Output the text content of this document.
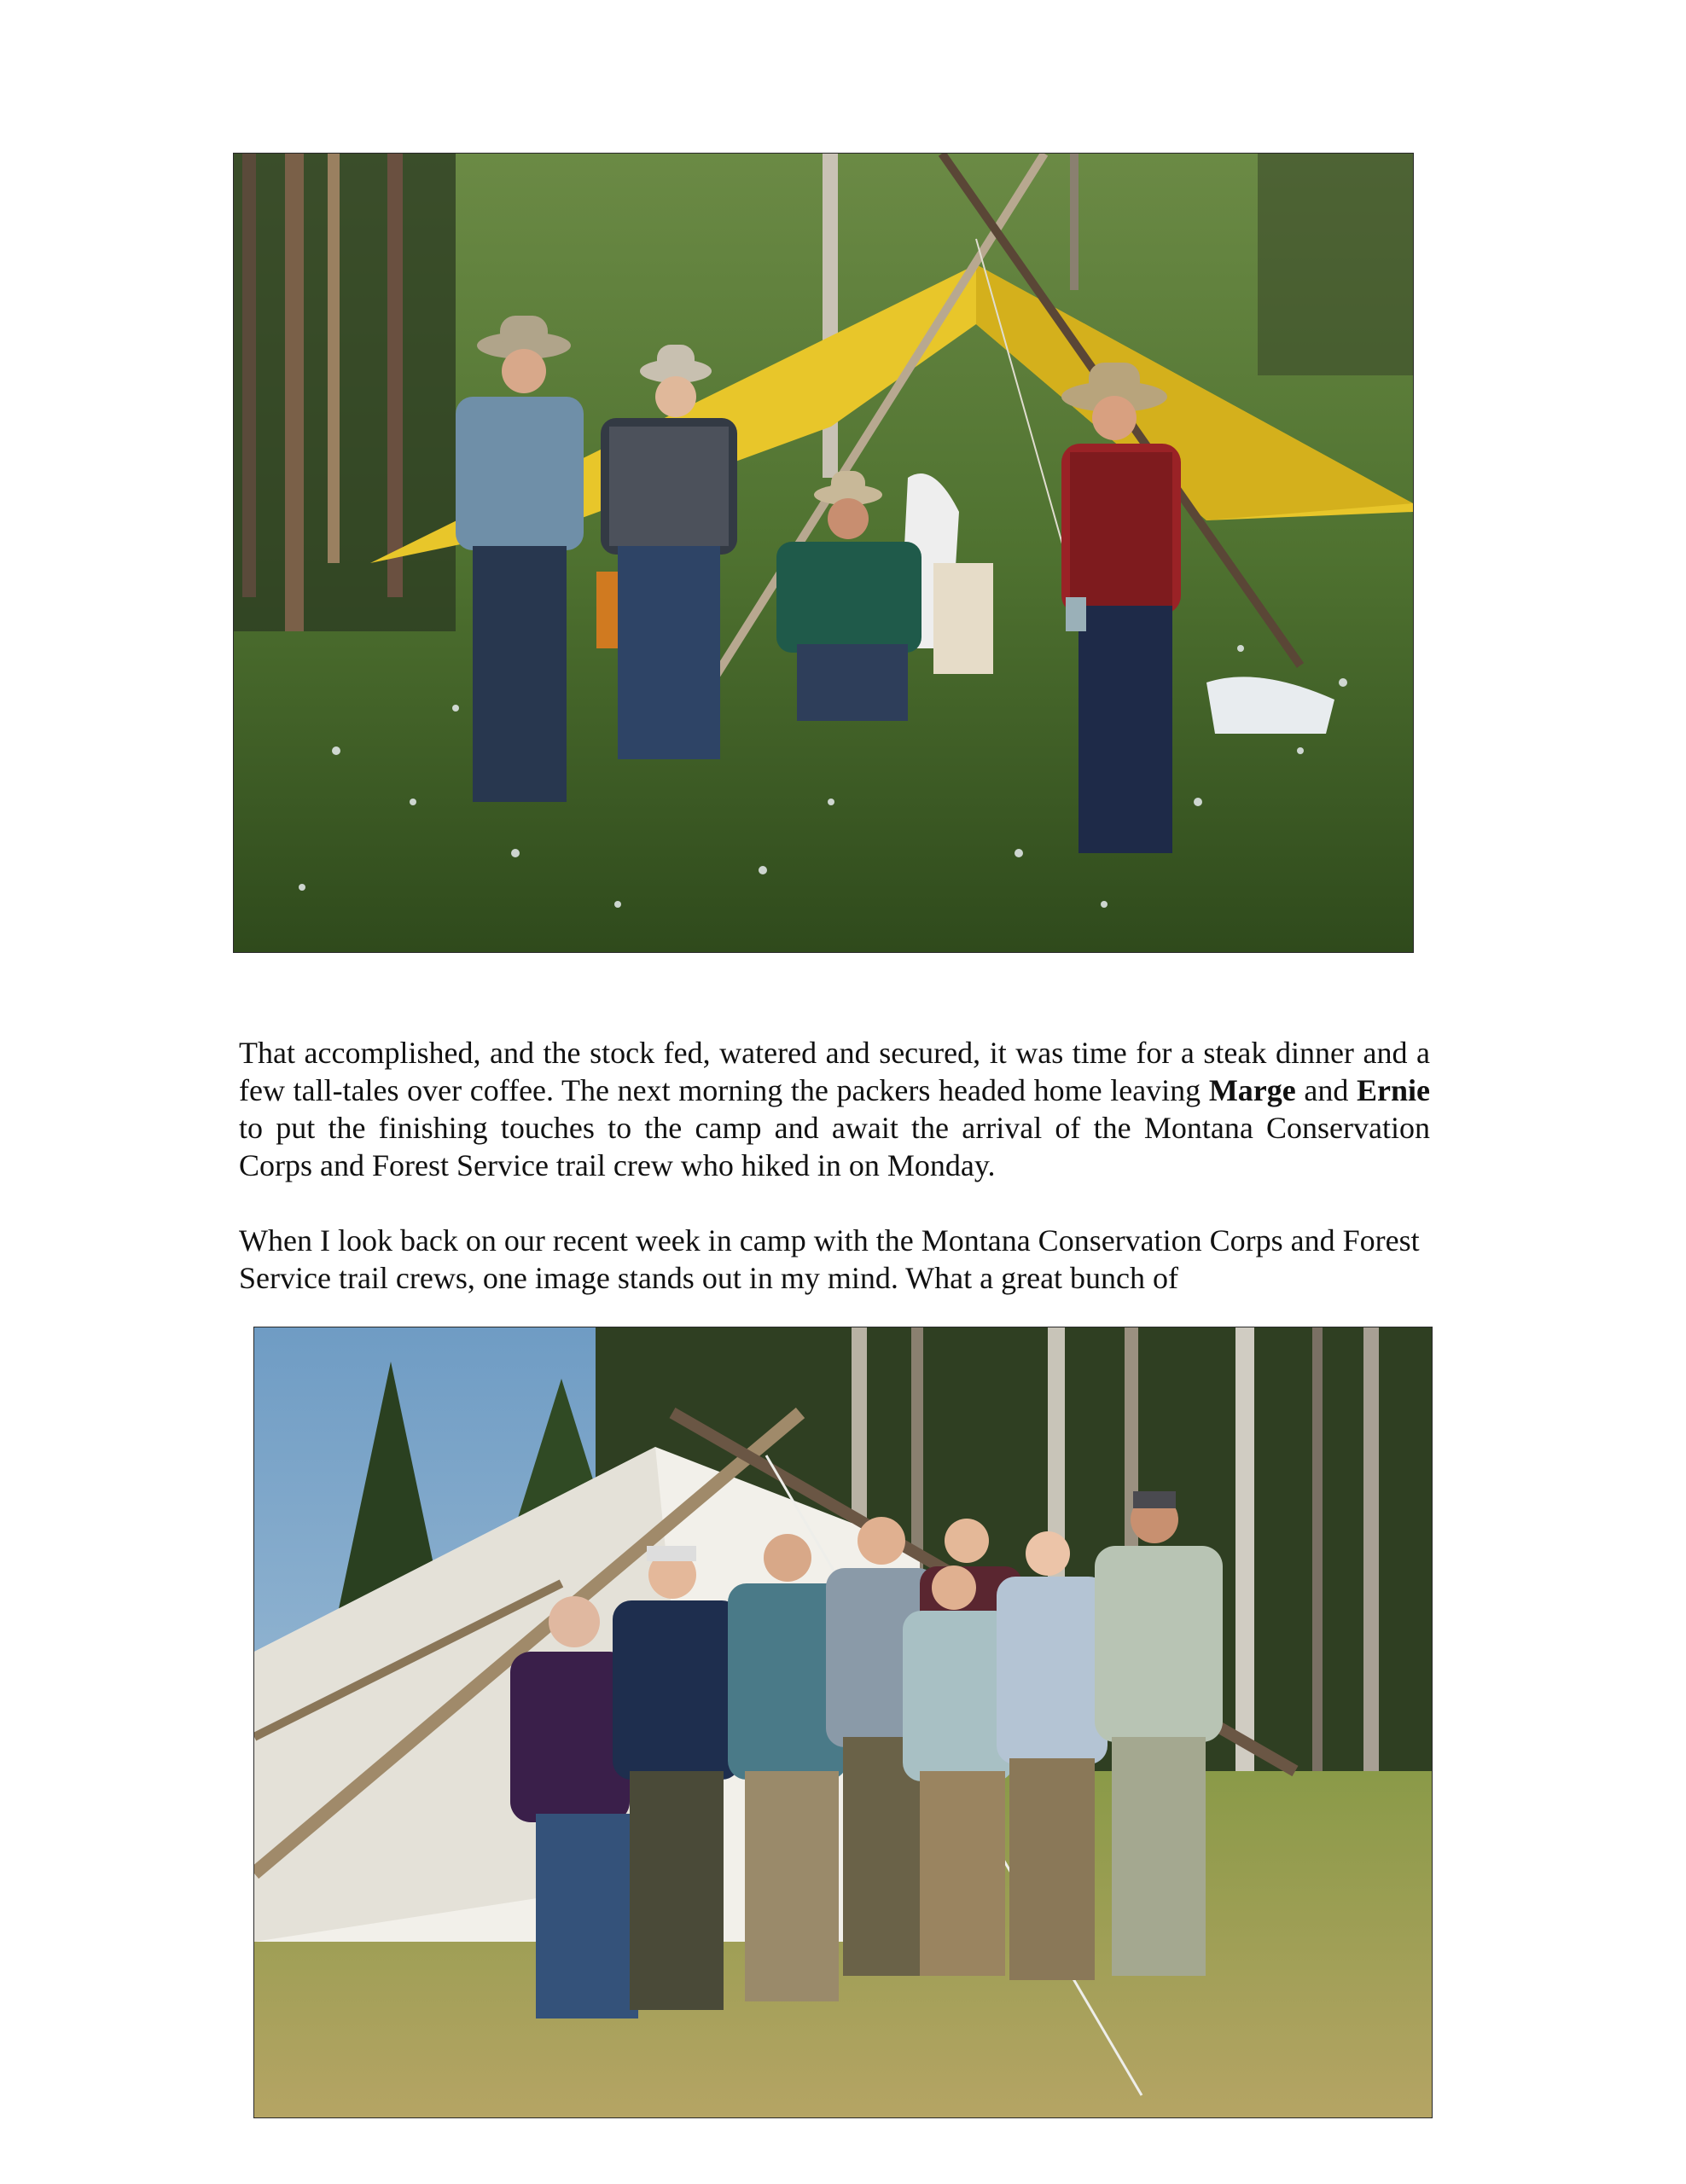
That accomplished, and the stock fed, watered and secured, it was time for a steak dinner and a few tall-tales over coffee. The next morning the packers headed home leaving Marge and Ernie to put the finishing touches to the camp and await the arrival of the Montana Conservation Corps and Forest Service trail crew who hiked in on Monday.
When I look back on our recent week in camp with the Montana Conservation Corps and Forest Service trail crews, one image stands out in my mind. What a great bunch of
